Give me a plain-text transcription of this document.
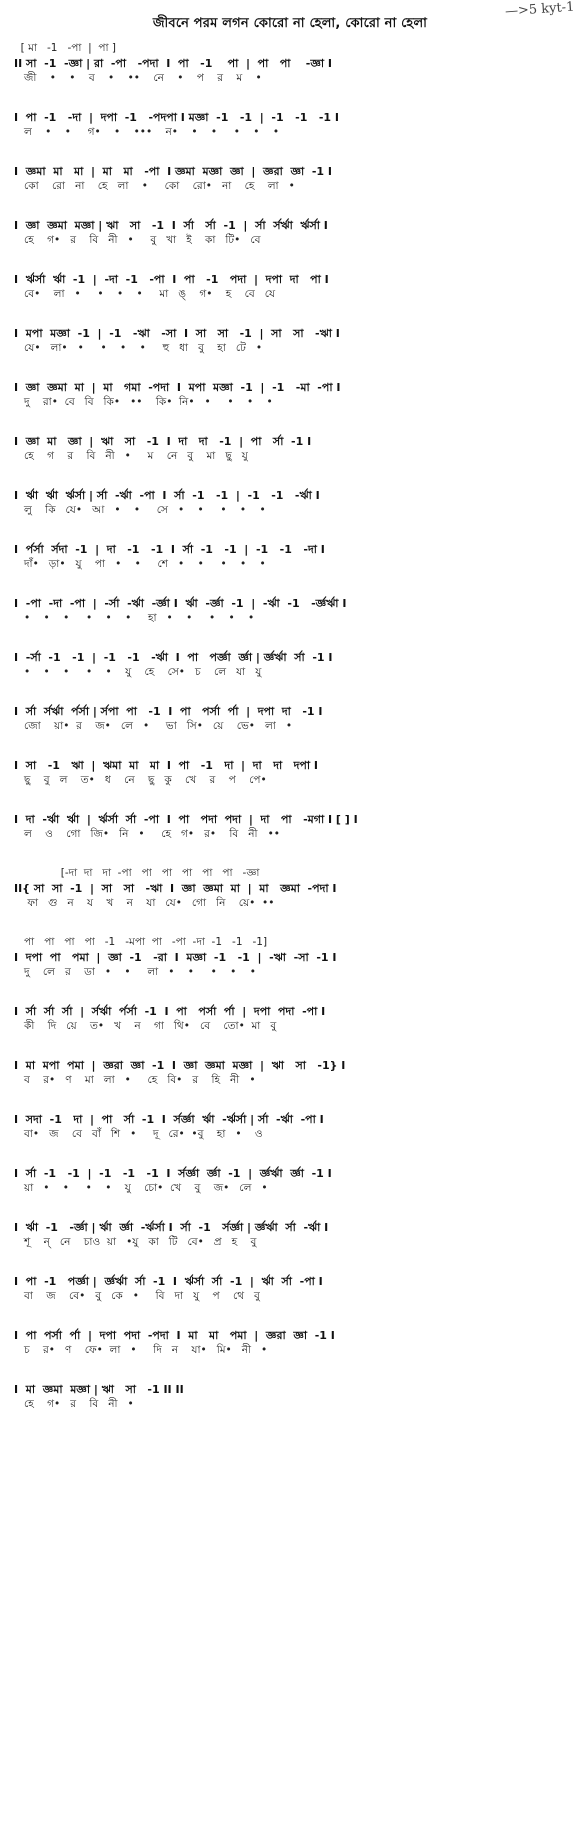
—>5 kyt-1
জীবনে পরম লগন কোরো না হেলা, কোরো না হেলা
[ মা   -1   -পা  |  পা ]
II সা  -1  -জ্ঞা | রা  -পা   -পদা  I  পা   -1    পা  |  পা   পা    -জ্ঞা I
জী    •    •    ব    •    ••    নে    •    প    র    ম    •
I  পা  -1   -দা  |  দপা  -1   -পদপা I মজ্ঞা  -1   -1  |  -1   -1   -1 I
ল    •    •     গ•    •    •••    ন•    •    •     •    •    •
I  জ্ঞমা  মা   মা  |  মা   মা   -পা  I জ্ঞমা  মজ্ঞা  জ্ঞা  |  জ্ঞরা  জ্ঞা  -1 I
কো    রো   না    হে   লা    •     কো    রো•   না    হে    লা   •
I  জ্ঞা  জ্ঞমা  মজ্ঞা | ঋা   সা   -1  I  র্সা   র্সা  -1  |  র্সা  র্সর্ঋা  র্ঋর্সা I
হে    গ•   র    বি   নী   •     বু   খা   ই    কা   টি•   বে
I  র্ঋর্সা  র্ঋা  -1  |  -দা  -1   -পা  I  পা   -1   পদা  |  দপা  দা   পা I
বে•    লা   •     •    •    •     মা   ঙ্    গ•    হ    বে   যে
I  মপা  মজ্ঞা  -1  |  -1   -ঋা   -সা  I  সা   সা   -1  |  সা   সা   -ঋা I
যে•   লা•   •     •    •    •     হু   ধা   বু    হা   টে   •
I  জ্ঞা  জ্ঞমা  মা  |  মা   গমা  -পদা  I  মপা  মজ্ঞা  -1  |  -1   -মা  -পা I
দু    রা•  বে   বি   কি•   ••    কি•  নি•   •     •    •    •
I  জ্ঞা  মা   জ্ঞা  |  ঋা   সা   -1  I  দা   দা   -1  |  পা   র্সা  -1 I
হে    গ    র    বি   নী   •     ম    নে   বু    মা   ছু   যু
I  র্ঋা  র্ঋা  র্ঋর্সা | র্সা  -র্ঋা  -পা  I  র্সা  -1   -1  |  -1   -1   -র্ঋা I
লু    কি   যে•   আ   •    •     সে   •    •     •    •    •
I  র্পর্সা  র্সদা  -1  |  দা   -1   -1  I  র্সা  -1   -1  |  -1   -1   -দা I
দাঁ•   ড়া•   যু    পা   •    •     শে   •    •     •    •    •
I  -পা  -দা  -পা  |  -র্সা  -র্ঋা  -র্জ্ঞা I  র্ঋা  -র্জ্ঞা  -1  |  -র্ঋা  -1   -র্জ্ঞর্ঋা I
•    •    •     •    •    •     হা   •    •     •    •    •
I  -র্সা  -1   -1  |  -1   -1   -র্ঋা  I  পা   পর্জ্ঞা  র্জ্ঞা | র্জ্ঞর্ঋা  র্সা  -1 I
•    •    •     •    •    যু    হে    সে•   চ    লে   যা   যু
I  র্সা  র্সর্ঋা  র্পর্সা | র্সপা  পা   -1  I  পা   পর্সা  র্পা  |  দপা  দা   -1 I
জো    য়া•  র    জ•   লে   •     ভা   সি•   য়ে    ভে•   লা   •
I  সা   -1   ঋা  |  ঋমা  মা   মা  I  পা   -1   দা  |  দা   দা   দপা I
ছু    বু   ল    ত•   ধ    নে    ছু   কু    খে    র    প    পে•
I  দা  -র্ঋা  র্ঋা  |  র্ঋর্সা  র্সা  -পা  I  পা   পদা  পদা  |  দা   পা   -মগা I [ ] I
ল    ও    গো   জি•   নি   •     হে   গ•   র•    বি   নী   ••
[-দা  দা   দা  -পা   পা   পা   পা   পা   পা   -জ্ঞা
II{ সা  সা  -1  |  সা   সা   -ঋা  I  জ্ঞা  জ্ঞমা  মা  |  মা   জ্ঞমা  -পদা I
ফা   গু   ন    য    খ    ন    যা   যে•   গো   নি    য়ে•  ••
পা   পা   পা   পা   -1   -মপা  পা   -পা  -দা  -1   -1   -1]
I  দপা  পা   পমা  |  জ্ঞা  -1   -রা  I  মজ্ঞা  -1   -1  |  -ঋা  -সা  -1 I
দু    লে   র    ডা   •    •     লা   •    •     •    •    •
I  র্সা  র্সা  র্সা  |  র্সর্ঋা  র্পর্সা  -1  I  পা   পর্সা  র্পা  |  দপা  পদা  -পা I
কী    দি   য়ে    ত•   খ    ন    গা   থি•   বে    তো•  মা   বু
I  মা  মপা  পমা  |  জ্ঞরা  জ্ঞা  -1  I  জ্ঞা  জ্ঞমা  মজ্ঞা  |  ঋা   সা   -1} I
ব    র•   ণ    মা   লা   •     হে   বি•   র    হি   নী   •
I  সদা  -1   দা  |  পা   র্সা  -1  I  র্সর্জ্ঞা  র্ঋা  -র্ঋর্সা | র্সা  -র্ঋা  -পা I
বা•   জ    বে   বাঁ   শি   •     দূ   রে•  •বু    হা   •    ও
I  র্সা  -1   -1  |  -1   -1   -1  I  র্সর্জ্ঞা  র্জ্ঞা  -1  |  র্জ্ঞর্ঋা  র্জ্ঞা  -1 I
য়া   •    •     •    •    যু    চো•  খে    বু    জ•   লে   •
I  র্ঋা  -1   -র্জ্ঞা | র্ঋা  র্জ্ঞা  -র্ঋর্সা I  র্সা  -1   র্সর্জ্ঞা | র্জ্ঞর্ঋা  র্সা  -র্ঋা I
শূ    ন্   নে    চাও  য়া   •যু   কা   টি   বে•   প্র   হ    বু
I  পা  -1   পর্জ্ঞা |  র্জ্ঞর্ঋা  র্সা  -1  I  র্ঋর্সা  র্সা  -1  |  র্ঋা  র্সা  -পা I
বা    জ    বে•   বু   কে   •     বি   দা   যু    প    থে   বু
I  পা  পর্সা  র্পা  |  দপা  পদা  -পদা  I  মা   মা   পমা  |  জ্ঞরা  জ্ঞা  -1 I
চ    র•   ণ    ফে•  লা   •     দি   ন    যা•   মি•   নী   •
I  মা  জ্ঞমা  মজ্ঞা | ঋা   সা   -1 II II
হে    গ•   র    বি   নী   •
